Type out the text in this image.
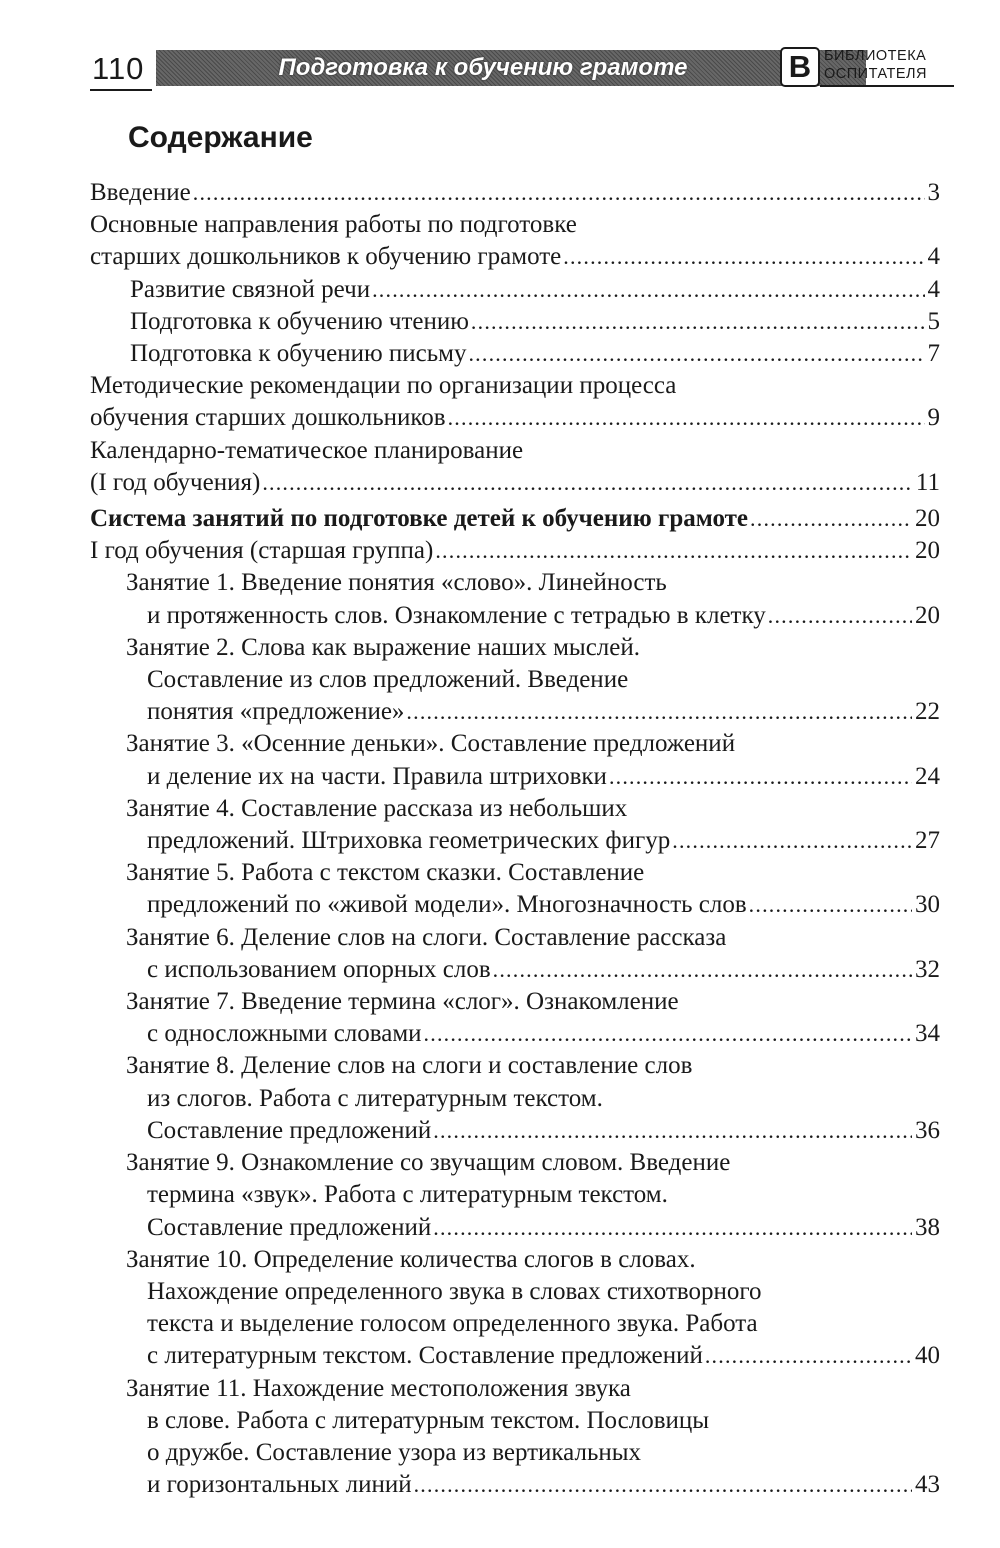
110	Подготовка к обучению грамоте	В БИБЛИОТЕКА
ОСПИТАТЕЛЯ
Содержание
Введение .....	3
Основные направления работы по подготовке
старших дошкольников к обучению грамоте .....	4
Развитие связной речи .....	4
Подготовка к обучению чтению .....	5
Подготовка к обучению письму .....	7
Методические рекомендации по организации процесса
обучения старших дошкольников .....	9
Календарно-тематическое планирование
(I год обучения) .....	11
Система занятий по подготовке детей к обучению грамоте .....	20
I год обучения (старшая группа) .....	20
Занятие 1. Введение понятия «слово». Линейность
и протяженность слов. Ознакомление с тетрадью в клетку .....	20
Занятие 2. Слова как выражение наших мыслей.
Составление из слов предложений. Введение
понятия «предложение» .....	22
Занятие 3. «Осенние деньки». Составление предложений
и деление их на части. Правила штриховки .....	24
Занятие 4. Составление рассказа из небольших
предложений. Штриховка геометрических фигур .....	27
Занятие 5. Работа с текстом сказки. Составление
предложений по «живой модели». Многозначность слов .....	30
Занятие 6. Деление слов на слоги. Составление рассказа
с использованием опорных слов .....	32
Занятие 7. Введение термина «слог». Ознакомление
с односложными словами .....	34
Занятие 8. Деление слов на слоги и составление слов
из слогов. Работа с литературным текстом.
Составление предложений .....	36
Занятие 9. Ознакомление со звучащим словом. Введение
термина «звук». Работа с литературным текстом.
Составление предложений .....	38
Занятие 10. Определение количества слогов в словах.
Нахождение определенного звука в словах стихотворного
текста и выделение голосом определенного звука. Работа
с литературным текстом. Составление предложений .....	40
Занятие 11. Нахождение местоположения звука
в слове. Работа с литературным текстом. Пословицы
о дружбе. Составление узора из вертикальных
и горизонтальных линий .....	43
